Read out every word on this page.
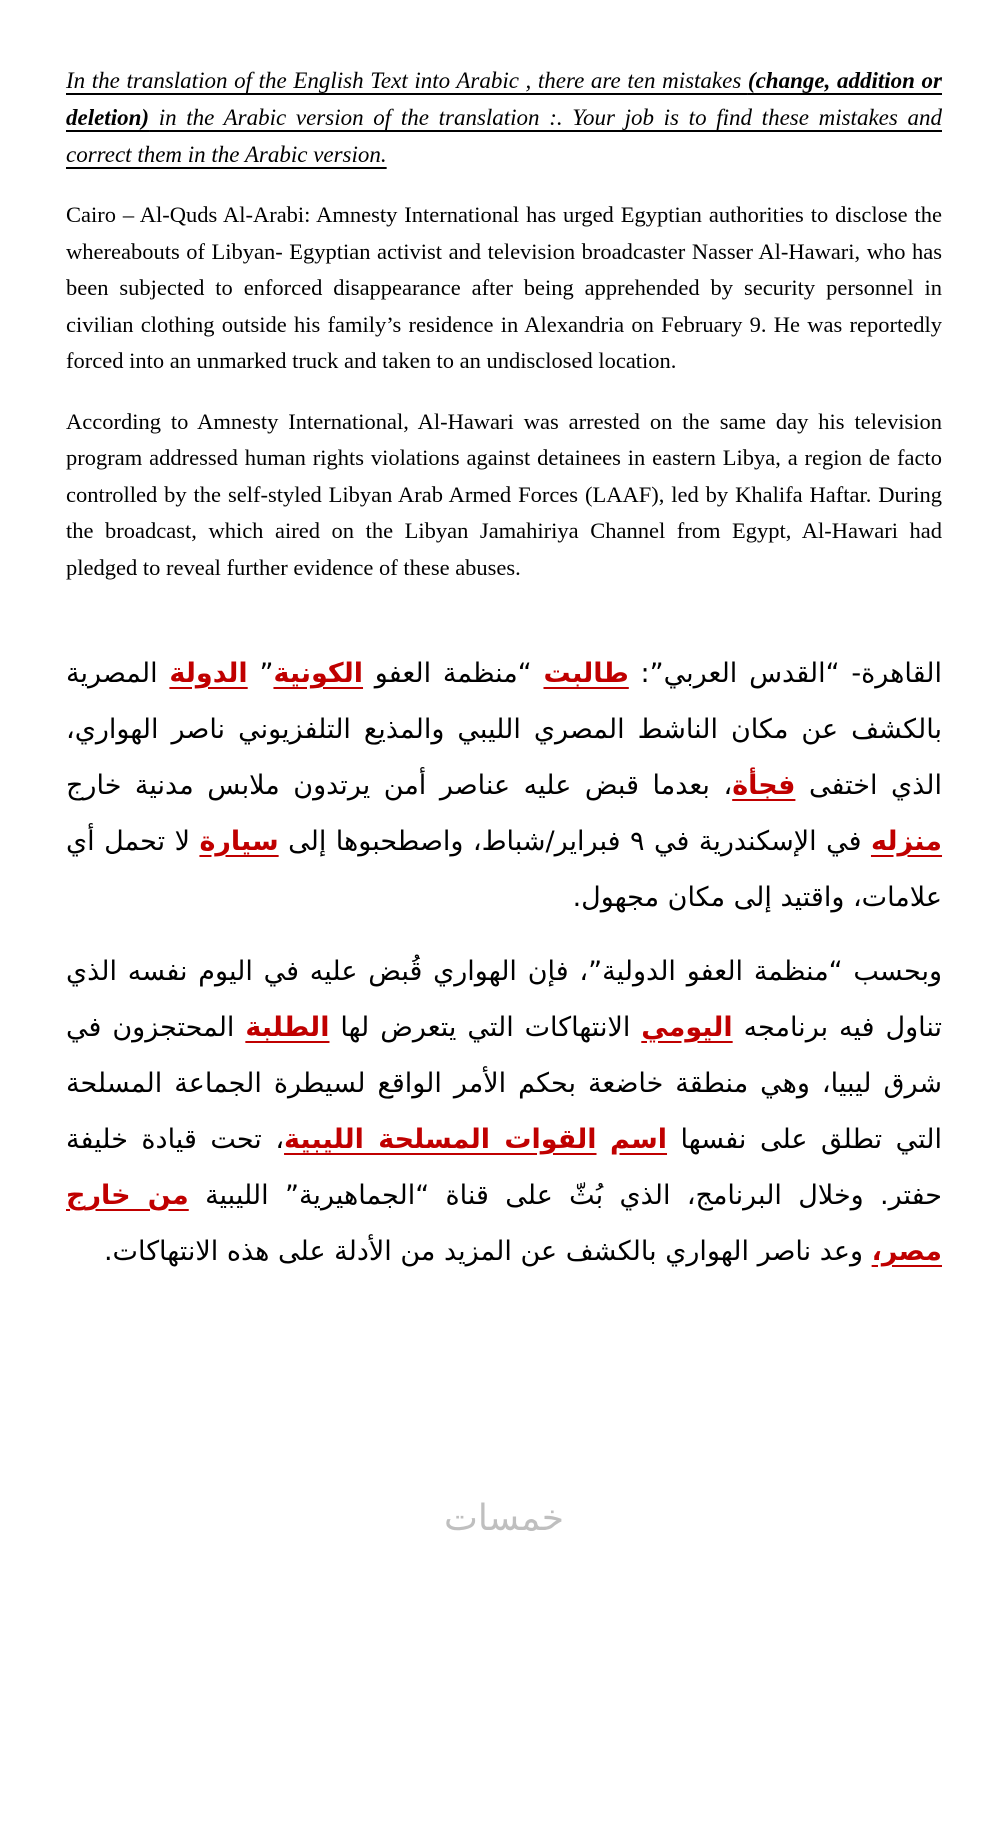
In the translation of the English Text into Arabic , there are ten mistakes (change, addition or deletion) in the Arabic version of the translation :. Your job is to find these mistakes and correct them in the Arabic version.

Cairo – Al-Quds Al-Arabi: Amnesty International has urged Egyptian authorities to disclose the whereabouts of Libyan- Egyptian activist and television broadcaster Nasser Al-Hawari, who has been subjected to enforced disappearance after being apprehended by security personnel in civilian clothing outside his family’s residence in Alexandria on February 9. He was reportedly forced into an unmarked truck and taken to an undisclosed location.

According to Amnesty International, Al-Hawari was arrested on the same day his television program addressed human rights violations against detainees in eastern Libya, a region de facto controlled by the self-styled Libyan Arab Armed Forces (LAAF), led by Khalifa Haftar. During the broadcast, which aired on the Libyan Jamahiriya Channel from Egypt, Al-Hawari had pledged to reveal further evidence of these abuses.

القاهرة- “القدس العربي”: طالبت “منظمة العفو الكونية” الدولة المصرية بالكشف عن مكان الناشط المصري الليبي والمذيع التلفزيوني ناصر الهواري، الذي اختفى فجأة، بعدما قبض عليه عناصر أمن يرتدون ملابس مدنية خارج منزله في الإسكندرية في ٩ فبراير/شباط، واصطحبوها إلى سيارة لا تحمل أي علامات، واقتيد إلى مكان مجهول.

وبحسب “منظمة العفو الدولية”، فإن الهواري قُبض عليه في اليوم نفسه الذي تناول فيه برنامجه اليومي الانتهاكات التي يتعرض لها الطلبة المحتجزون في شرق ليبيا، وهي منطقة خاضعة بحكم الأمر الواقع لسيطرة الجماعة المسلحة التي تطلق على نفسها اسم القوات المسلحة الليبية، تحت قيادة خليفة حفتر. وخلال البرنامج، الذي بُثّ على قناة “الجماهيرية” الليبية من خارج مصر، وعد ناصر الهواري بالكشف عن المزيد من الأدلة على هذه الانتهاكات.

خمسات
